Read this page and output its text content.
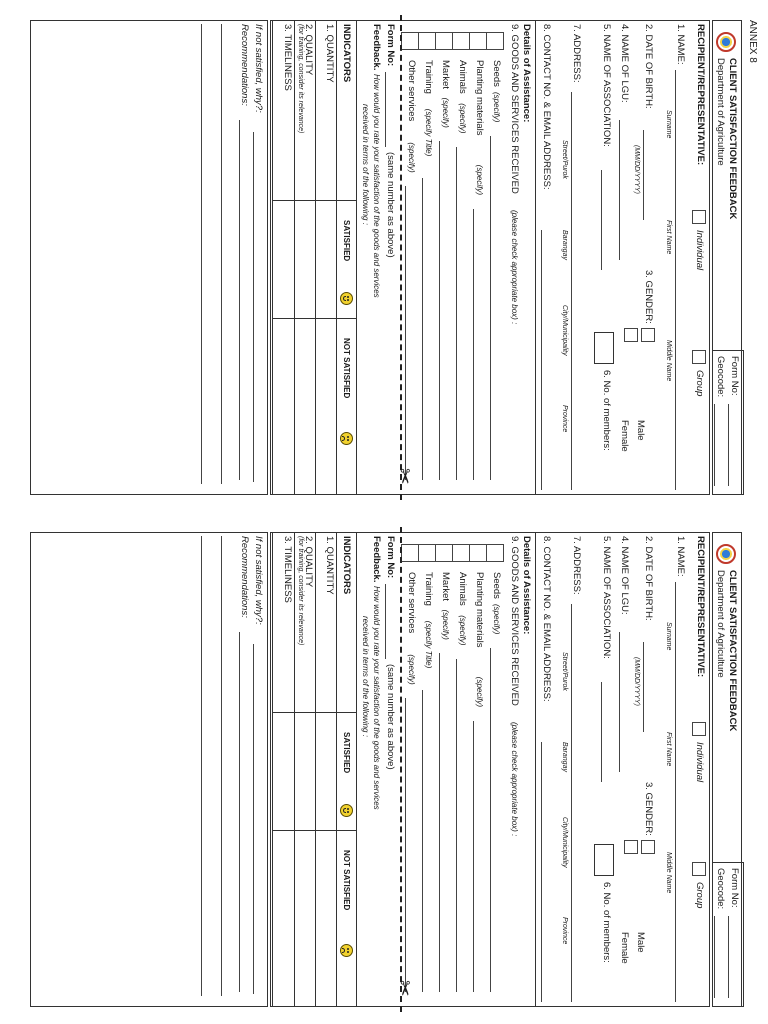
ANNEX 8
CLIENT SATISFACTION FEEDBACK
Department of Agriculture
Form No:
Geocode:
RECIPIENT/REPRESENTATIVE:
Individual
Group
1. NAME:
Surname
First Name
Middle Name
2. DATE OF BIRTH:
(MM/DD/YYYY)
3. GENDER:
Male
Female
4. NAME OF LGU:
5. NAME OF ASSOCIATION:
6. No. of members:
7. ADDRESS:
Street/Purok
Barangay
City/Municipality
Province
8. CONTACT NO. & EMAIL ADDRESS:
Details of Assistance:
9. GOODS AND SERVICES RECEIVED
(please check appropriate box) :
Seeds
(specify)
Planting materials
(specify)
Animals
(specify)
Market
(specify)
Training
(specify Title)
Other services
(specify)
✂
Form No:
(same number as above)
Feedback.
How would you rate your satisfaction of the goods and services
received in terms of the following :
INDICATORS
SATISFIED
NOT SATISFIED
1. QUANTITY
2. QUALITY
(for training, consider its relevance)
3. TIMELINESS
If not satisfied, why?:
Recommendations:
CLIENT SATISFACTION FEEDBACK
Department of Agriculture
Form No:
Geocode:
RECIPIENT/REPRESENTATIVE:
Individual
Group
1. NAME:
Surname
First Name
Middle Name
2. DATE OF BIRTH:
(MM/DD/YYYY)
3. GENDER:
Male
Female
4. NAME OF LGU:
5. NAME OF ASSOCIATION:
6. No. of members:
7. ADDRESS:
Street/Purok
Barangay
City/Municipality
Province
8. CONTACT NO. & EMAIL ADDRESS:
Details of Assistance:
9. GOODS AND SERVICES RECEIVED
(please check appropriate box) :
Seeds
(specify)
Planting materials
(specify)
Animals
(specify)
Market
(specify)
Training
(specify Title)
Other services
(specify)
✂
Form No:
(same number as above)
Feedback.
How would you rate your satisfaction of the goods and services
received in terms of the following :
INDICATORS
SATISFIED
NOT SATISFIED
1. QUANTITY
2. QUALITY
(for training, consider its relevance)
3. TIMELINESS
If not satisfied, why?:
Recommendations:
